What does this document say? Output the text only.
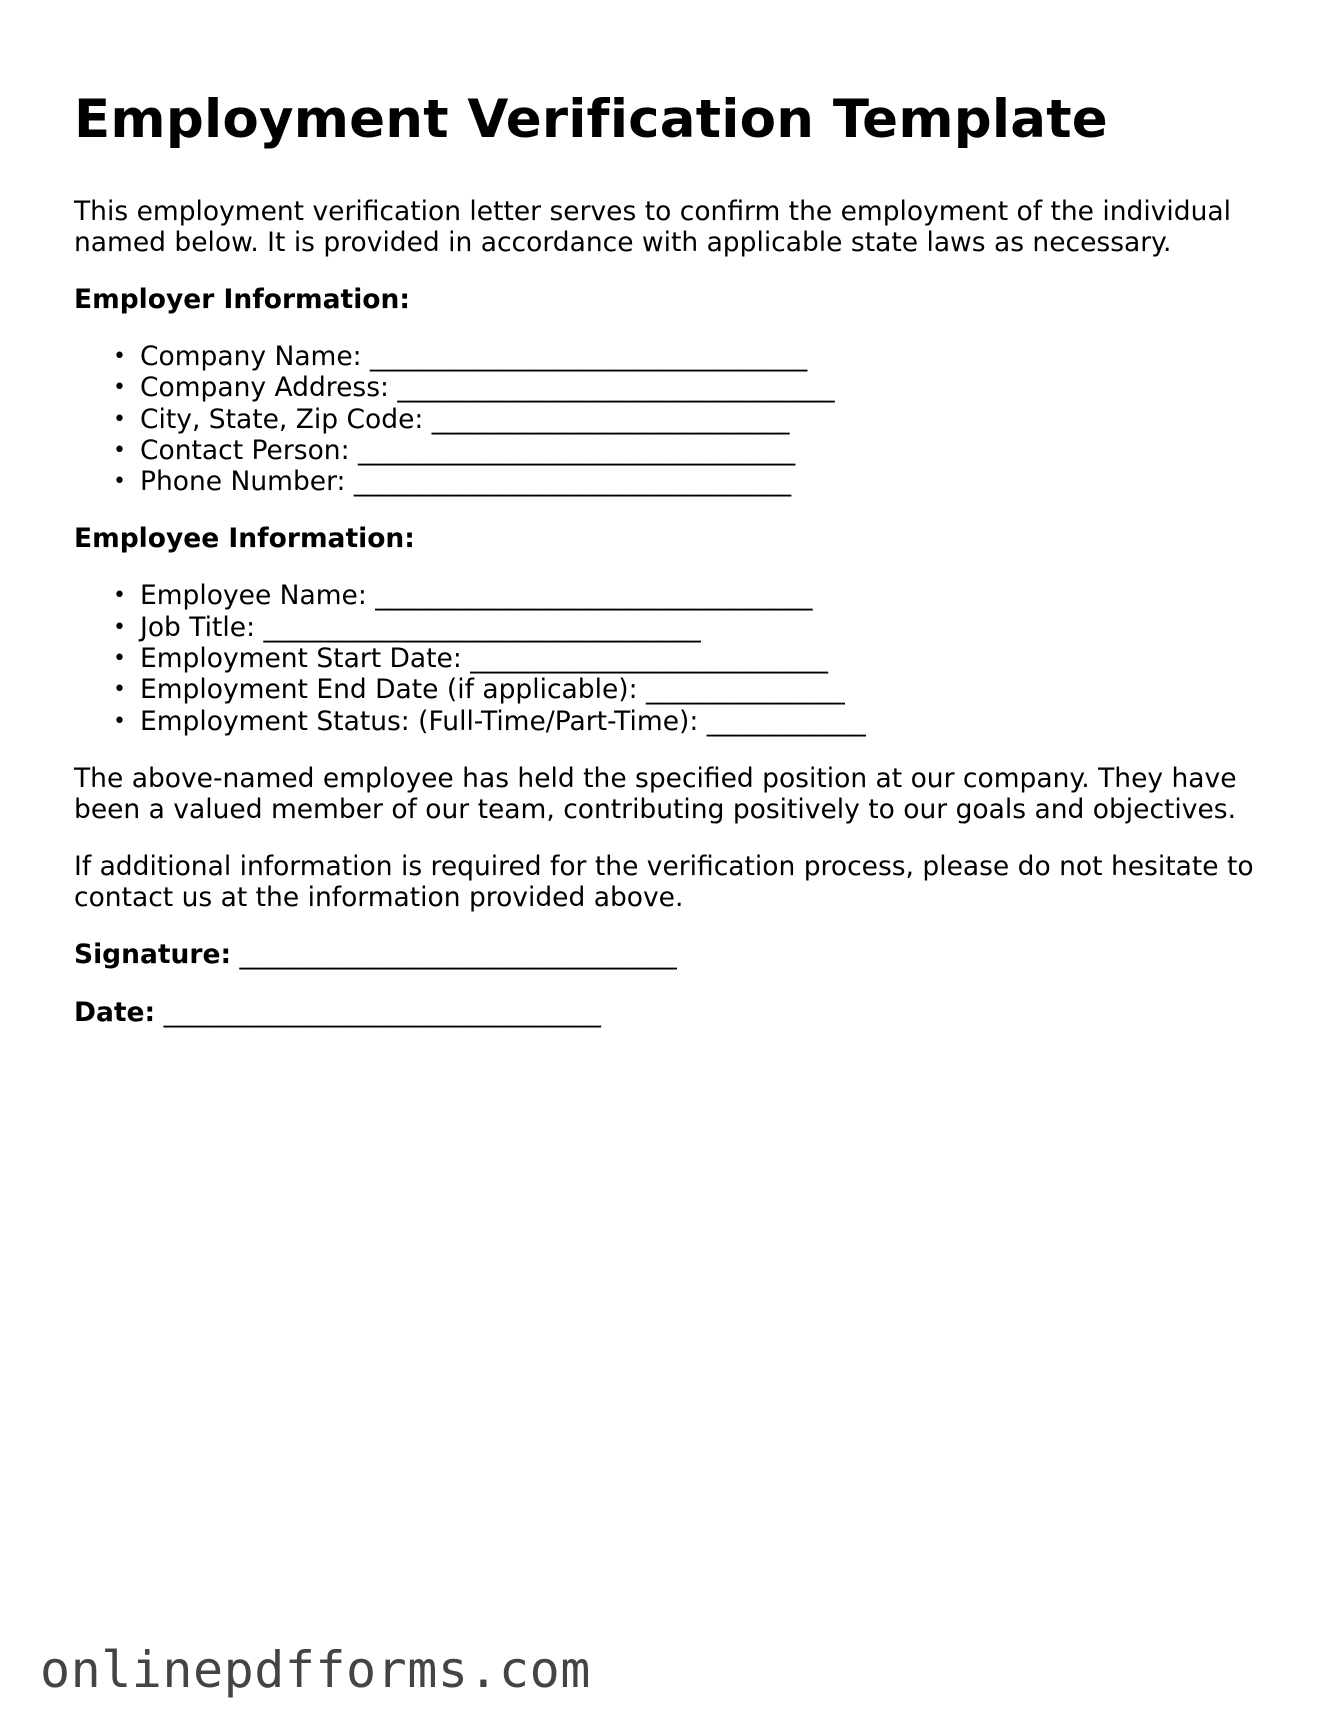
Employment Verification Template

This employment verification letter serves to confirm the employment of the individual named below. It is provided in accordance with applicable state laws as necessary.

Employer Information:
• Company Name: _________________________________
• Company Address: _________________________________
• City, State, Zip Code: ___________________________
• Contact Person: _________________________________
• Phone Number: _________________________________
Employee Information:
• Employee Name: _________________________________
• Job Title: _________________________________
• Employment Start Date: ___________________________
• Employment End Date (if applicable): _______________
• Employment Status: (Full-Time/Part-Time): ____________

The above-named employee has held the specified position at our company. They have been a valued member of our team, contributing positively to our goals and objectives.

If additional information is required for the verification process, please do not hesitate to contact us at the information provided above.

Signature: _________________________________
Date: _________________________________
onlinepdfforms.com
